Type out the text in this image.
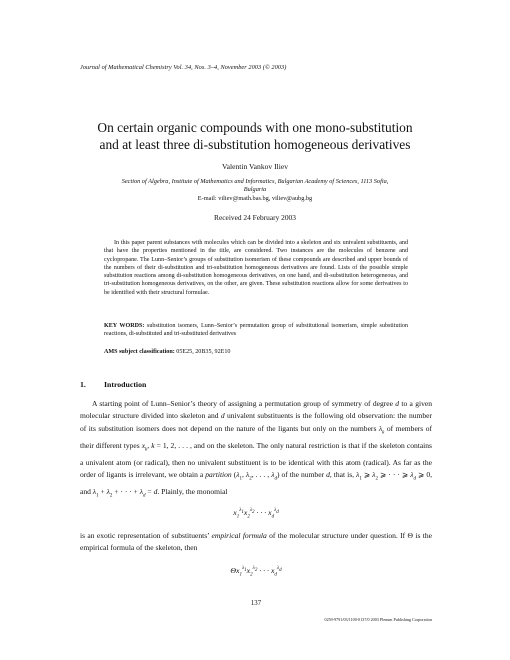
Journal of Mathematical Chemistry Vol. 34, Nos. 3–4, November 2003 (© 2003)
On certain organic compounds with one mono-substitution
and at least three di-substitution homogeneous derivatives
Valentin Vankov Iliev
Section of Algebra, Institute of Mathematics and Informatics, Bulgarian Academy of Sciences, 1113 Sofia,
Bulgaria
E-mail: viliev@math.bas.bg, viliev@aubg.bg
Received 24 February 2003
In this paper parent substances with molecules which can be divided into a skeleton and six univalent substituents, and that have the properties mentioned in the title, are considered. Two instances are the molecules of benzene and cyclopropane. The Lunn–Senior’s groups of substitution isomerism of these compounds are described and upper bounds of the numbers of their di-substitution and tri-substitution homogeneous derivatives are found. Lists of the possible simple substitution reactions among di-substitution homogeneous derivatives, on one hand, and di-substitution heterogeneous, and tri-substitution homogeneous derivatives, on the other, are given. These substitution reactions allow for some derivatives to be identified with their structural formulae.
KEY WORDS: substitution isomers, Lunn–Senior’s permutation group of substitutional isomerism, simple substitution reactions, di-substituted and tri-substituted derivatives
AMS subject classification: 05E25, 20B35, 92E10
1. Introduction

A starting point of Lunn–Senior’s theory of assigning a permutation group of symmetry of degree d to a given molecular structure divided into skeleton and d univalent substituents is the following old observation: the number of its substitution isomers does not depend on the nature of the ligants but only on the numbers $\lambda_k$ of members of their different types $x_k$, k = 1, 2, . . . , and on the skeleton. The only natural restriction is that if the skeleton contains a univalent atom (or radical), then no univalent substituent is to be identical with this atom (radical). As far as the order of ligants is irrelevant, we obtain a partition ($\lambda_1$, $\lambda_2$, . . . , $\lambda_d$) of the number d, that is, $\lambda_1$ ⩾ $\lambda_2$ ⩾ · · · ⩾ $\lambda_d$ ⩾ 0, and $\lambda_1 + \lambda_2$ + · · · + $\lambda_d = d$. Plainly, the monomial

$x_1^{\lambda_1}x_2^{\lambda_2}$ · · · $x_d^{\lambda_d}$

is an exotic representation of substituents’ empirical formula of the molecular structure under question. If Θ is the empirical formula of the skeleton, then

$\Theta x_1^{\lambda_1}x_2^{\lambda_2}$ · · · $x_d^{\lambda_d}$
137
0259-9791/03/1100-0137/0 2003 Plenum Publishing Corporation
